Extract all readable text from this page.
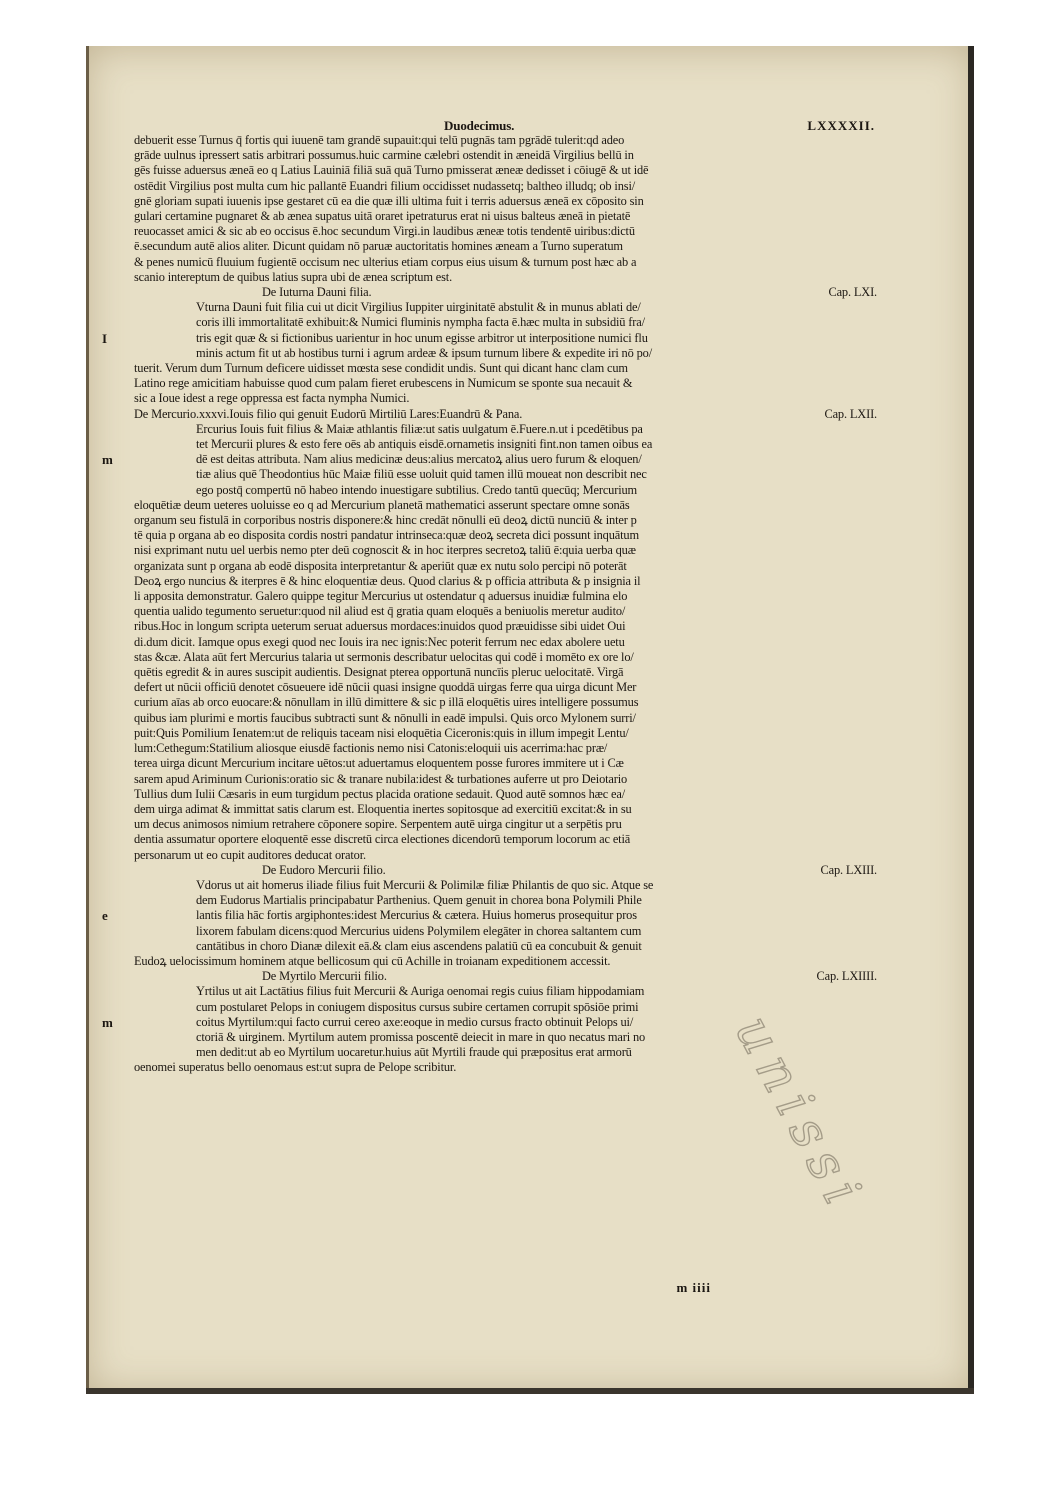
Duodecimus.	LXXXXII.
debuerit esse Turnus q̄ fortis qui iuuenē tam grandē supauit:qui telū pugnās tam pgrādē tulerit:qd adeo
grāde uulnus ipressert satis arbitrari possumus.huic carmine cælebri ostendit in æneidā Virgilius bellū in
gēs fuisse aduersus æneā eo q Latius Lauiniā filiā suā quā Turno pmisserat æneæ dedisset i cōiugē & ut idē
ostēdit Virgilius post multa cum hic pallantē Euandri filium occidisset nudassetq; baltheo illudq; ob insi/
gnē gloriam supati iuuenis ipse gestaret cū ea die quæ illi ultima fuit i terris aduersus æneā ex cōposito sin
gulari certamine pugnaret & ab ænea supatus uitā oraret ipetraturus erat ni uisus balteus æneā in pietatē
reuocasset amici & sic ab eo occisus ē.hoc secundum Virgi.in laudibus æneæ totis tendentē uiribus:dictū
ē.secundum autē alios aliter. Dicunt quidam nō paruæ auctoritatis homines æneam a Turno superatum
& penes numicū fluuium fugientē occisum nec ulterius etiam corpus eius uisum & turnum post hæc ab a
scanio intereptum de quibus latius supra ubi de ænea scriptum est.
De Iuturna Dauni filia.	Cap. LXI.
Vturna Dauni fuit filia cui ut dicit Virgilius Iuppiter uirginitatē abstulit & in munus ablati de/
coris illi immortalitatē exhibuit:& Numici fluminis nympha facta ē.hæc multa in subsidiū fra/
I	tris egit quæ & si fictionibus uarientur in hoc unum egisse arbitror ut interpositione numici flu
minis actum fit ut ab hostibus turni i agrum ardeæ & ipsum turnum libere & expedite iri nō po/
tuerit. Verum dum Turnum deficere uidisset mœsta sese condidit undis. Sunt qui dicant hanc clam cum
Latino rege amicitiam habuisse quod cum palam fieret erubescens in Numicum se sponte sua necauit &
sic a Ioue idest a rege oppressa est facta nympha Numici.
De Mercurio.xxxvi.Iouis filio qui genuit Eudorū Mirtiliū Lares:Euandrū & Pana.	Cap. LXII.
Ercurius Iouis fuit filius & Maiæ athlantis filiæ:ut satis uulgatum ē.Fuere.n.ut i pcedētibus pa
tet Mercurii plures & esto fere oēs ab antiquis eisdē.ornametis insigniti fint.non tamen oibus ea
m	dē est deitas attributa. Nam alius medicinæ deus:alius mercatoꝝ alius uero furum & eloquen/
tiæ alius quē Theodontius hūc Maiæ filiū esse uoluit quid tamen illū moueat non describit nec
ego postq̄ compertū nō habeo intendo inuestigare subtilius. Credo tantū quecūq; Mercurium
eloquētiæ deum ueteres uoluisse eo q ad Mercurium planetā mathematici asserunt spectare omne sonās
organum seu fistulā in corporibus nostris disponere:& hinc credāt nōnulli eū deoꝝ dictū nunciū & inter p
tē quia p organa ab eo disposita cordis nostri pandatur intrinseca:quæ deoꝝ secreta dici possunt inquātum
nisi exprimant nutu uel uerbis nemo pter deū cognoscit & in hoc iterpres secretoꝝ taliū ē:quia uerba quæ
organizata sunt p organa ab eodē disposita interpretantur & aperiūt quæ ex nutu solo percipi nō poterāt
Deoꝝ ergo nuncius & iterpres ē & hinc eloquentiæ deus. Quod clarius & p officia attributa & p insignia il
li apposita demonstratur. Galero quippe tegitur Mercurius ut ostendatur q aduersus inuidiæ fulmina elo
quentia ualido tegumento seruetur:quod nil aliud est q̄ gratia quam eloquēs a beniuolis meretur audito/
ribus.Hoc in longum scripta ueterum seruat aduersus mordaces:inuidos quod præuidisse sibi uidet Oui
di.dum dicit. Iamque opus exegi quod nec Iouis ira nec ignis:Nec poterit ferrum nec edax abolere uetu
stas &cæ. Alata aūt fert Mercurius talaria ut sermonis describatur uelocitas qui codē i momēto ex ore lo/
quētis egredit & in aures suscipit audientis. Designat pterea opportunā nuncīis pleruc uelocitatē. Virgā
defert ut nūcii officiū denotet cōsueuere idē nūcii quasi insigne quoddā uirgas ferre qua uirga dicunt Mer
curium aīas ab orco euocare:& nōnullam in illū dimittere & sic p illā eloquētis uires intelligere possumus
quibus iam plurimi e mortis faucibus subtracti sunt & nōnulli in eadē impulsi. Quis orco Mylonem surri/
puit:Quis Pomilium Ienatem:ut de reliquis taceam nisi eloquētia Ciceronis:quis in illum impegit Lentu/
lum:Cethegum:Statilium aliosque eiusdē factionis nemo nisi Catonis:eloquii uis acerrima:hac præ/
terea uirga dicunt Mercurium incitare uētos:ut aduertamus eloquentem posse furores immitere ut i Cæ
sarem apud Ariminum Curionis:oratio sic & tranare nubila:idest & turbationes auferre ut pro Deiotario
Tullius dum Iulii Cæsaris in eum turgidum pectus placida oratione sedauit. Quod autē somnos hæc ea/
dem uirga adimat & immittat satis clarum est. Eloquentia inertes sopitosque ad exercitiū excitat:& in su
um decus animosos nimium retrahere cōponere sopire. Serpentem autē uirga cingitur ut a serpētis pru
dentia assumatur oportere eloquentē esse discretū circa electiones dicendorū temporum locorum ac etiā
personarum ut eo cupit auditores deducat orator.
De Eudoro Mercurii filio.	Cap. LXIII.
Vdorus ut ait homerus iliade filius fuit Mercurii & Polimilæ filiæ Philantis de quo sic. Atque se
dem Eudorus Martialis principabatur Parthenius. Quem genuit in chorea bona Polymili Phile
e	lantis filia hāc fortis argiphontes:idest Mercurius & cætera. Huius homerus prosequitur pros
lixorem fabulam dicens:quod Mercurius uidens Polymilem elegāter in chorea saltantem cum
cantātibus in choro Dianæ dilexit eā.& clam eius ascendens palatiū cū ea concubuit & genuit
Eudoꝝ uelocissimum hominem atque bellicosum qui cū Achille in troianam expeditionem accessit.
De Myrtilo Mercurii filio.	Cap. LXIIII.
Yrtilus ut ait Lactātius filius fuit Mercurii & Auriga oenomai regis cuius filiam hippodamiam
cum postularet Pelops in coniugem dispositus cursus subire certamen corrupit spōsiōe primi
m	coitus Myrtilum:qui facto currui cereo axe:eoque in medio cursus fracto obtinuit Pelops ui/
ctoriā & uirginem. Myrtilum autem promissa poscentē deiecit in mare in quo necatus mari no
men dedit:ut ab eo Myrtilum uocaretur.huius aūt Myrtili fraude qui præpositus erat armorū
oenomei superatus bello oenomaus est:ut supra de Pelope scribitur.
m iiii
unissi
